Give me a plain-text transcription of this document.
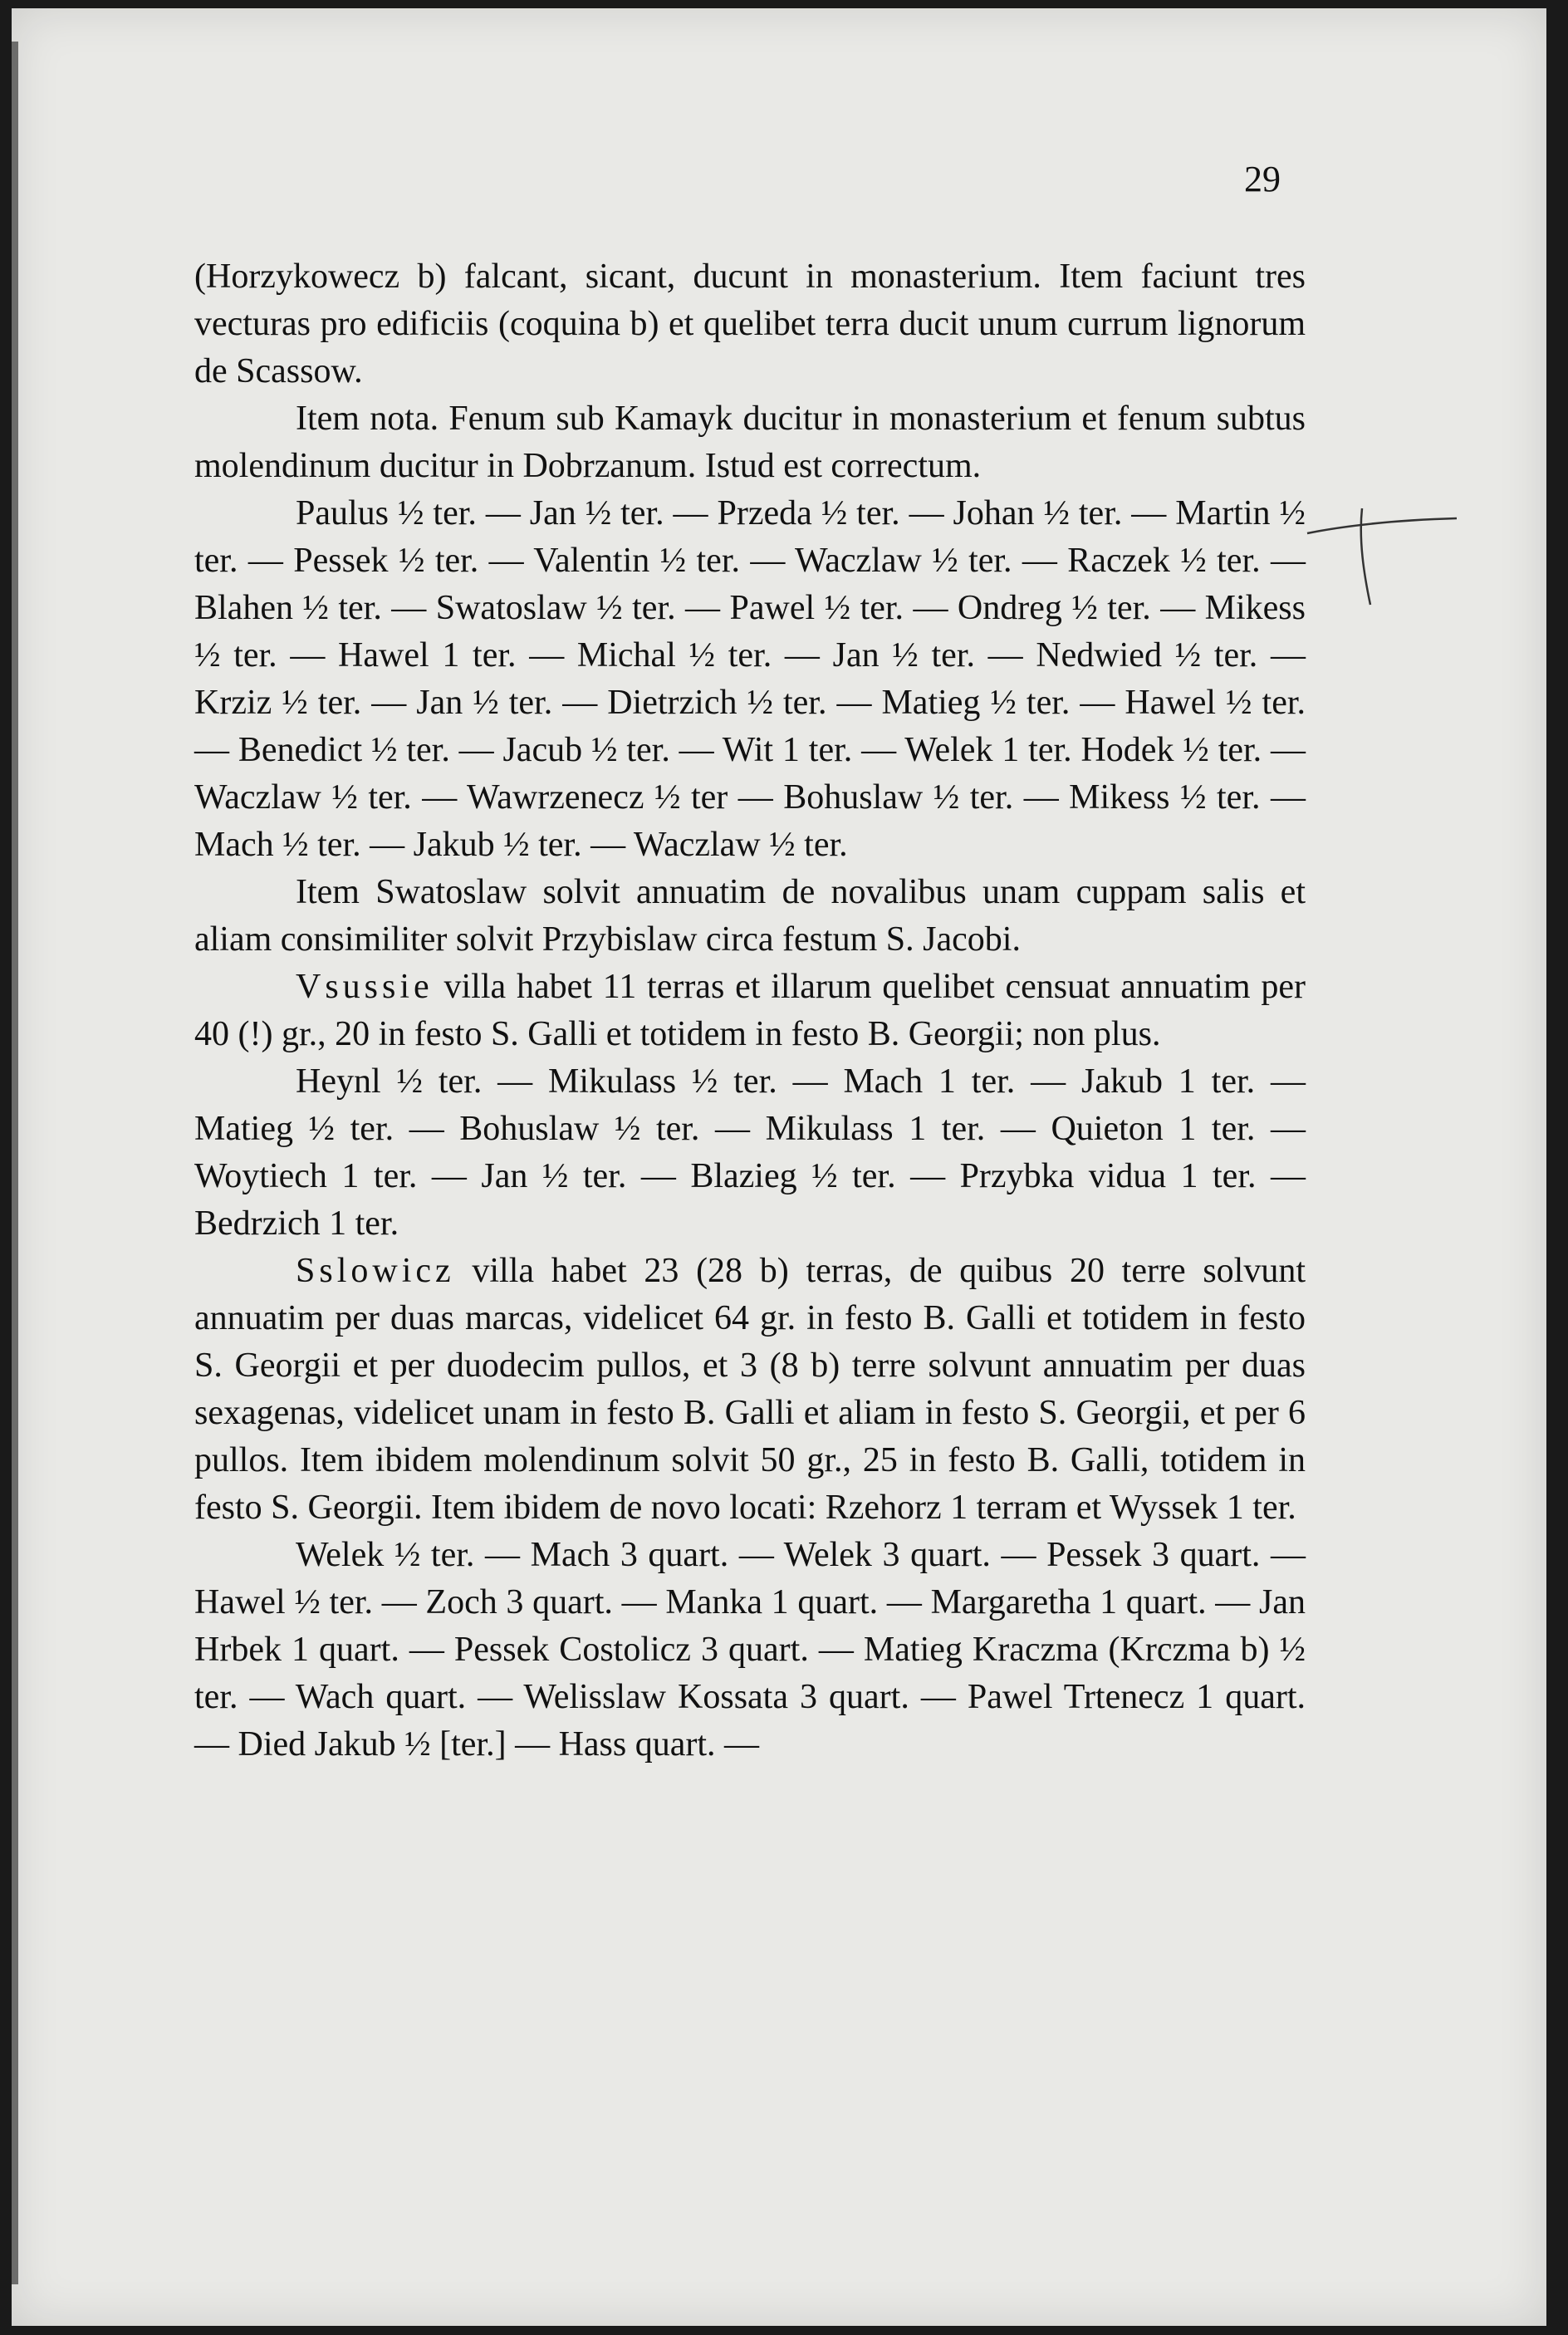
29

(Horzykowecz b) falcant, sicant, ducunt in monasterium. Item faciunt tres vecturas pro edificiis (coquina b) et quelibet terra ducit unum currum lignorum de Scassow.

Item nota. Fenum sub Kamayk ducitur in monasterium et fenum subtus molendinum ducitur in Dobrzanum. Istud est correctum.

Paulus ½ ter. — Jan ½ ter. — Przeda ½ ter. — Johan ½ ter. — Martin ½ ter. — Pessek ½ ter. — Valentin ½ ter. — Waczlaw ½ ter. — Raczek ½ ter. — Blahen ½ ter. — Swatoslaw ½ ter. — Pawel ½ ter. — Ondreg ½ ter. — Mikess ½ ter. — Hawel 1 ter. — Michal ½ ter. — Jan ½ ter. — Nedwied ½ ter. — Krziz ½ ter. — Jan ½ ter. — Dietrzich ½ ter. — Matieg ½ ter. — Hawel ½ ter. — Benedict ½ ter. — Jacub ½ ter. — Wit 1 ter. — Welek 1 ter. Hodek ½ ter. — Waczlaw ½ ter. — Wawrzenecz ½ ter — Bohuslaw ½ ter. — Mikess ½ ter. — Mach ½ ter. — Jakub ½ ter. — Waczlaw ½ ter.

Item Swatoslaw solvit annuatim de novalibus unam cuppam salis et aliam consimiliter solvit Przybislaw circa festum S. Jacobi.

Vsussie villa habet 11 terras et illarum quelibet censuat annuatim per 40 (!) gr., 20 in festo S. Galli et totidem in festo B. Georgii; non plus.

Heynl ½ ter. — Mikulass ½ ter. — Mach 1 ter. — Jakub 1 ter. — Matieg ½ ter. — Bohuslaw ½ ter. — Mikulass 1 ter. — Quieton 1 ter. — Woytiech 1 ter. — Jan ½ ter. — Blazieg ½ ter. — Przybka vidua 1 ter. — Bedrzich 1 ter.

Sslowicz villa habet 23 (28 b) terras, de quibus 20 terre solvunt annuatim per duas marcas, videlicet 64 gr. in festo B. Galli et totidem in festo S. Georgii et per duodecim pullos, et 3 (8 b) terre solvunt annuatim per duas sexagenas, videlicet unam in festo B. Galli et aliam in festo S. Georgii, et per 6 pullos. Item ibidem molendinum solvit 50 gr., 25 in festo B. Galli, totidem in festo S. Georgii. Item ibidem de novo locati: Rzehorz 1 terram et Wyssek 1 ter.

Welek ½ ter. — Mach 3 quart. — Welek 3 quart. — Pessek 3 quart. — Hawel ½ ter. — Zoch 3 quart. — Manka 1 quart. — Margaretha 1 quart. — Jan Hrbek 1 quart. — Pessek Costolicz 3 quart. — Matieg Kraczma (Krczma b) ½ ter. — Wach quart. — Welisslaw Kossata 3 quart. — Pawel Trtenecz 1 quart. — Died Jakub ½ [ter.] — Hass quart. —
